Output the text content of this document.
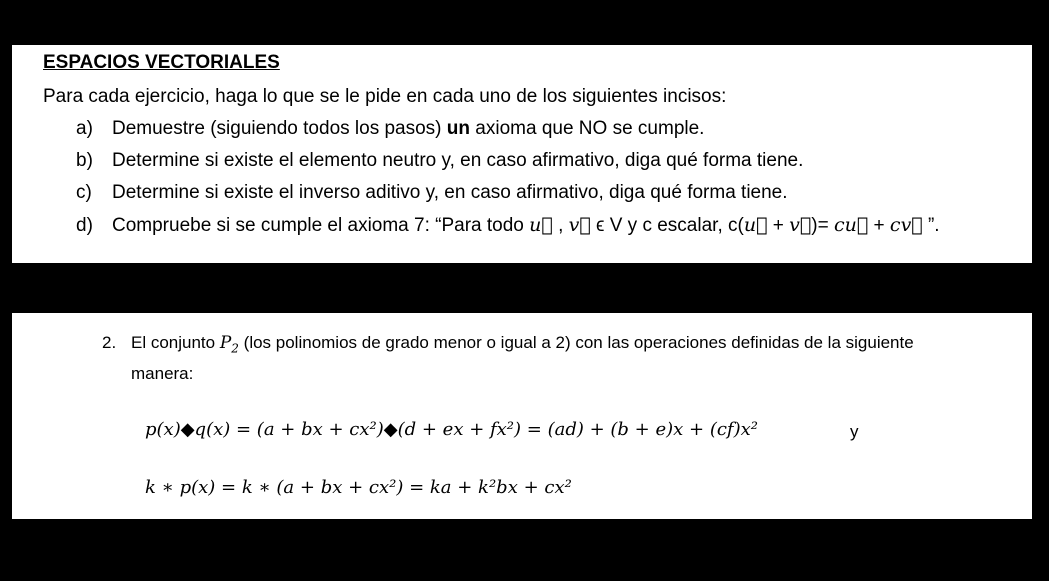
ESPACIOS VECTORIALES
Para cada ejercicio, haga lo que se le pide en cada uno de los siguientes incisos:
a) Demuestre (siguiendo todos los pasos) un axioma que NO se cumple.
b) Determine si existe el elemento neutro y, en caso afirmativo, diga qué forma tiene.
c) Determine si existe el inverso aditivo y, en caso afirmativo, diga qué forma tiene.
d) Compruebe si se cumple el axioma 7: “Para todo u⃗ , v⃗ ϵ V y c escalar, c(u⃗ + v⃗)= cu⃗ + cv⃗ ”.
2. El conjunto $P_2$ (los polinomios de grado menor o igual a 2) con las operaciones definidas de la siguiente
manera:
p(x)◆q(x) = (a + bx + cx²)◆(d + ex + fx²) = (ad) + (b + e)x + (cf)x²	y
k ∗ p(x) = k ∗ (a + bx + cx²) = ka + k²bx + cx²
